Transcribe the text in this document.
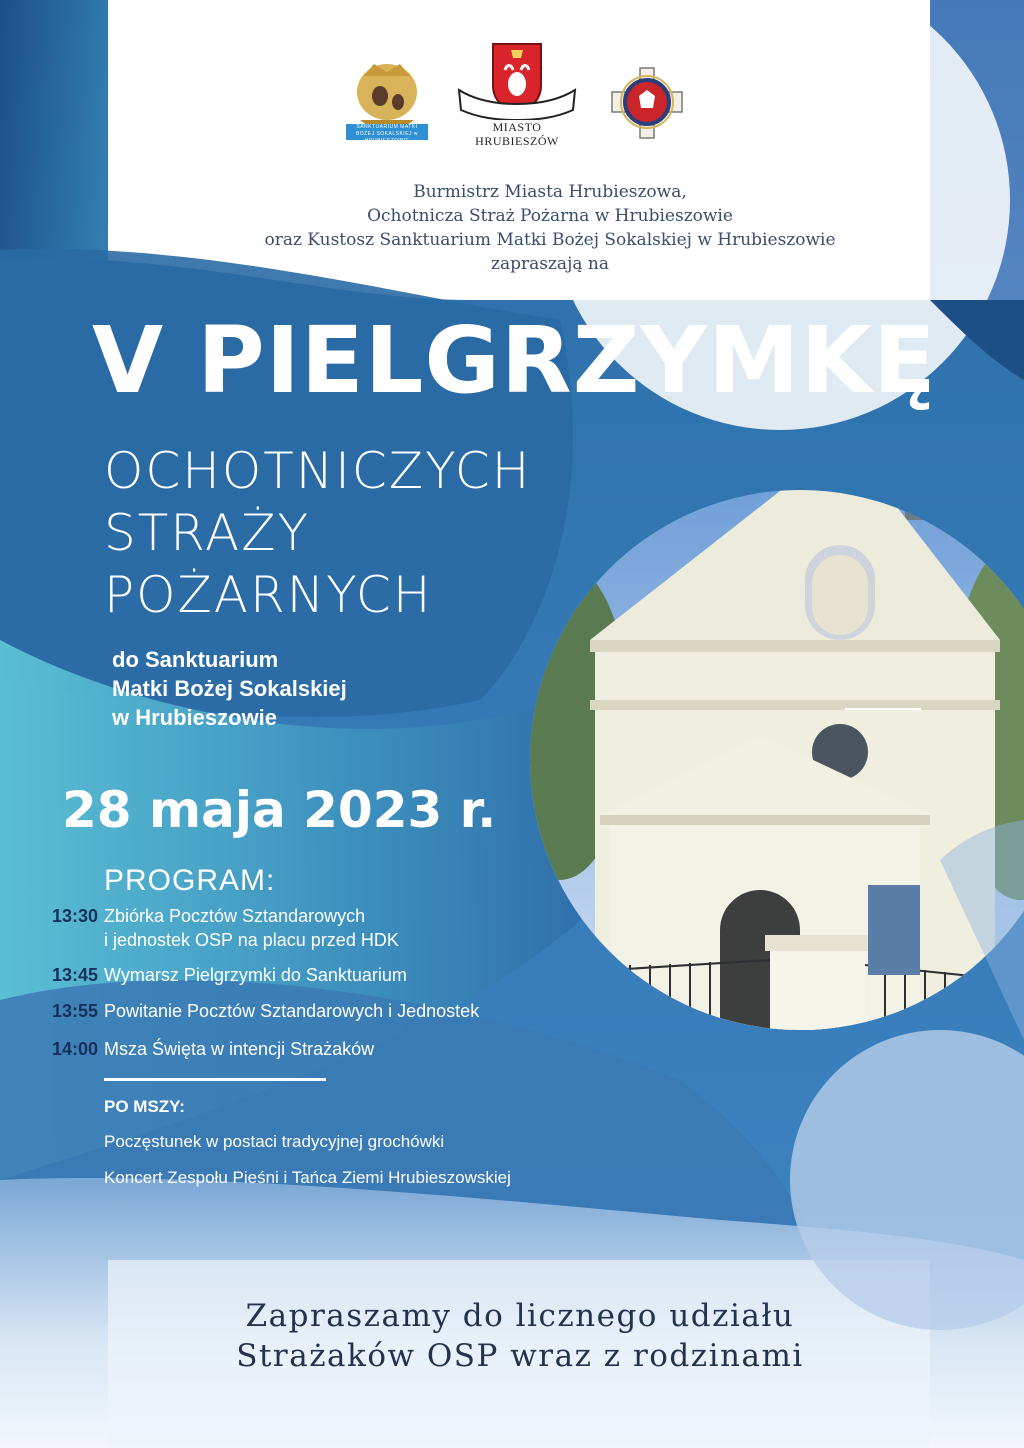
SANKTUARIUM MATKI BOŻEJ SOKALSKIEJ w HRUBIESZOWIE
MIASTO
HRUBIESZÓW
Burmistrz Miasta Hrubieszowa,
Ochotnicza Straż Pożarna w Hrubieszowie
oraz Kustosz Sanktuarium Matki Bożej Sokalskiej w Hrubieszowie
zapraszają na
V PIELGRZYMKĘ
OCHOTNICZYCH
STRAŻY
POŻARNYCH
do Sanktuarium
Matki Bożej Sokalskiej
w Hrubieszowie
28 maja 2023 r.
PROGRAM:
13:30 Zbiórka Pocztów Sztandarowych
i jednostek OSP na placu przed HDK
13:45 Wymarsz Pielgrzymki do Sanktuarium
13:55 Powitanie Pocztów Sztandarowych i Jednostek
14:00 Msza Święta w intencji Strażaków
PO MSZY:
Poczęstunek w postaci tradycyjnej grochówki
Koncert Zespołu Pieśni i Tańca Ziemi Hrubieszowskiej
Zapraszamy do licznego udziału
Strażaków OSP wraz z rodzinami
